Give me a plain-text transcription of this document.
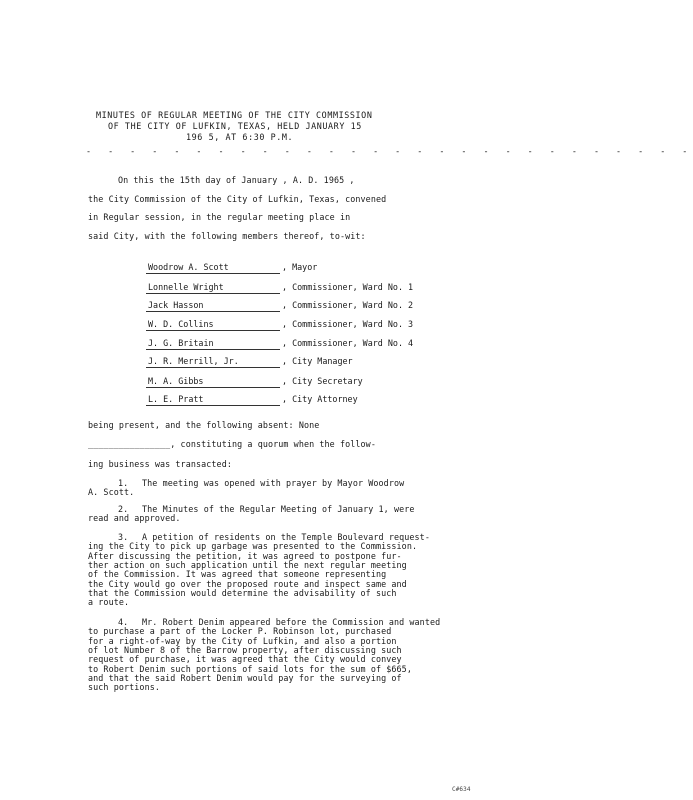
MINUTES OF REGULAR MEETING OF THE CITY COMMISSION
OF THE CITY OF LUFKIN, TEXAS, HELD JANUARY 15
196 5, AT 6:30 P.M.
- - - - - - - - - - - - - - - - - - - - - - - - - - - -
On this the 15th day of January , A. D. 1965 ,
the City Commission of the City of Lufkin, Texas, convened
in Regular session, in the regular meeting place in
said City, with the following members thereof, to-wit:
Woodrow A. Scott	, Mayor
Lonnelle Wright	, Commissioner, Ward No. 1
Jack Hasson	, Commissioner, Ward No. 2
W. D. Collins	, Commissioner, Ward No. 3
J. G. Britain	, Commissioner, Ward No. 4
J. R. Merrill, Jr.	, City Manager
M. A. Gibbs	, City Secretary
L. E. Pratt	, City Attorney
being present, and the following absent: None
________________, constituting a quorum when the follow-
ing business was transacted:
1. The meeting was opened with prayer by Mayor Woodrow
A. Scott.
2. The Minutes of the Regular Meeting of January 1, were
read and approved.
3. A petition of residents on the Temple Boulevard request-
ing the City to pick up garbage was presented to the Commission.
After discussing the petition, it was agreed to postpone fur-
ther action on such application until the next regular meeting
of the Commission. It was agreed that someone representing
the City would go over the proposed route and inspect same and
that the Commission would determine the advisability of such
a route.
4. Mr. Robert Denim appeared before the Commission and wanted
to purchase a part of the Locker P. Robinson lot, purchased
for a right-of-way by the City of Lufkin, and also a portion
of lot Number 8 of the Barrow property, after discussing such
request of purchase, it was agreed that the City would convey
to Robert Denim such portions of said lots for the sum of $665,
and that the said Robert Denim would pay for the surveying of
such portions.
C#634
